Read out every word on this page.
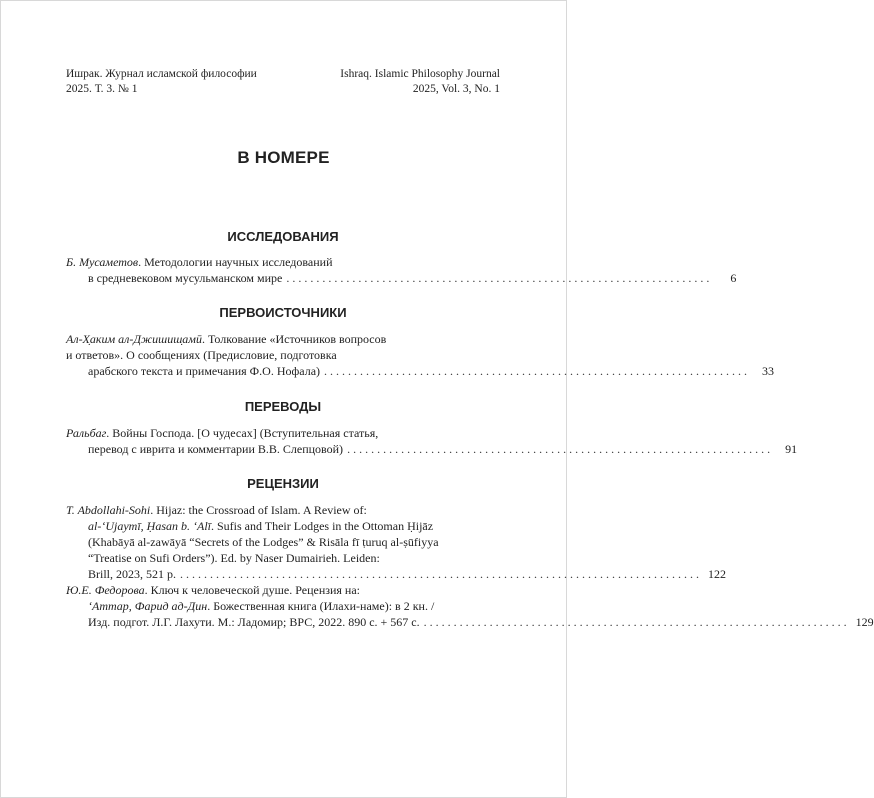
Ишрак. Журнал исламской философии
2025. Т. 3. № 1
Ishraq. Islamic Philosophy Journal
2025, Vol. 3, No. 1
В НОМЕРЕ
ИССЛЕДОВАНИЯ
Б. Мусаметов. Методологии научных исследований
в средневековом мусульманском мире .......................................................................	6
ПЕРВОИСТОЧНИКИ
Ал-Х̣аким ал-Джишиш̣амӣ. Толкование «Источников вопросов
и ответов». О сообщениях (Предисловие, подготовка
арабского текста и примечания Ф.О. Нофала) .......................................................................	33
ПЕРЕВОДЫ
Ральбаг. Войны Господа. [О чудесах] (Вступительная статья,
перевод с иврита и комментарии В.В. Слепцовой) .......................................................................	91
РЕЦЕНЗИИ
T. Abdollahi-Sohi. Hijaz: the Crossroad of Islam. A Review of:
al-ʻUjaymī, Ḥasan b. ʻAlī. Sufis and Their Lodges in the Ottoman Ḥijāz
(Khabāyā al-zawāyā “Secrets of the Lodges” & Risāla fī ṭuruq al-ṣūfiyya
“Treatise on Sufi Orders”). Ed. by Naser Dumairieh. Leiden:
Brill, 2023, 521 p. ....................................................................................... 122
Ю.Е. Федорова. Ключ к человеческой душе. Рецензия на:
ʻАттар, Фарид ад-Дин. Божественная книга (Илахи-наме): в 2 кн. /
Изд. подгот. Л.Г. Лахути. М.: Ладомир; ВРС, 2022. 890 с. + 567 с. ....................................................................... 129
